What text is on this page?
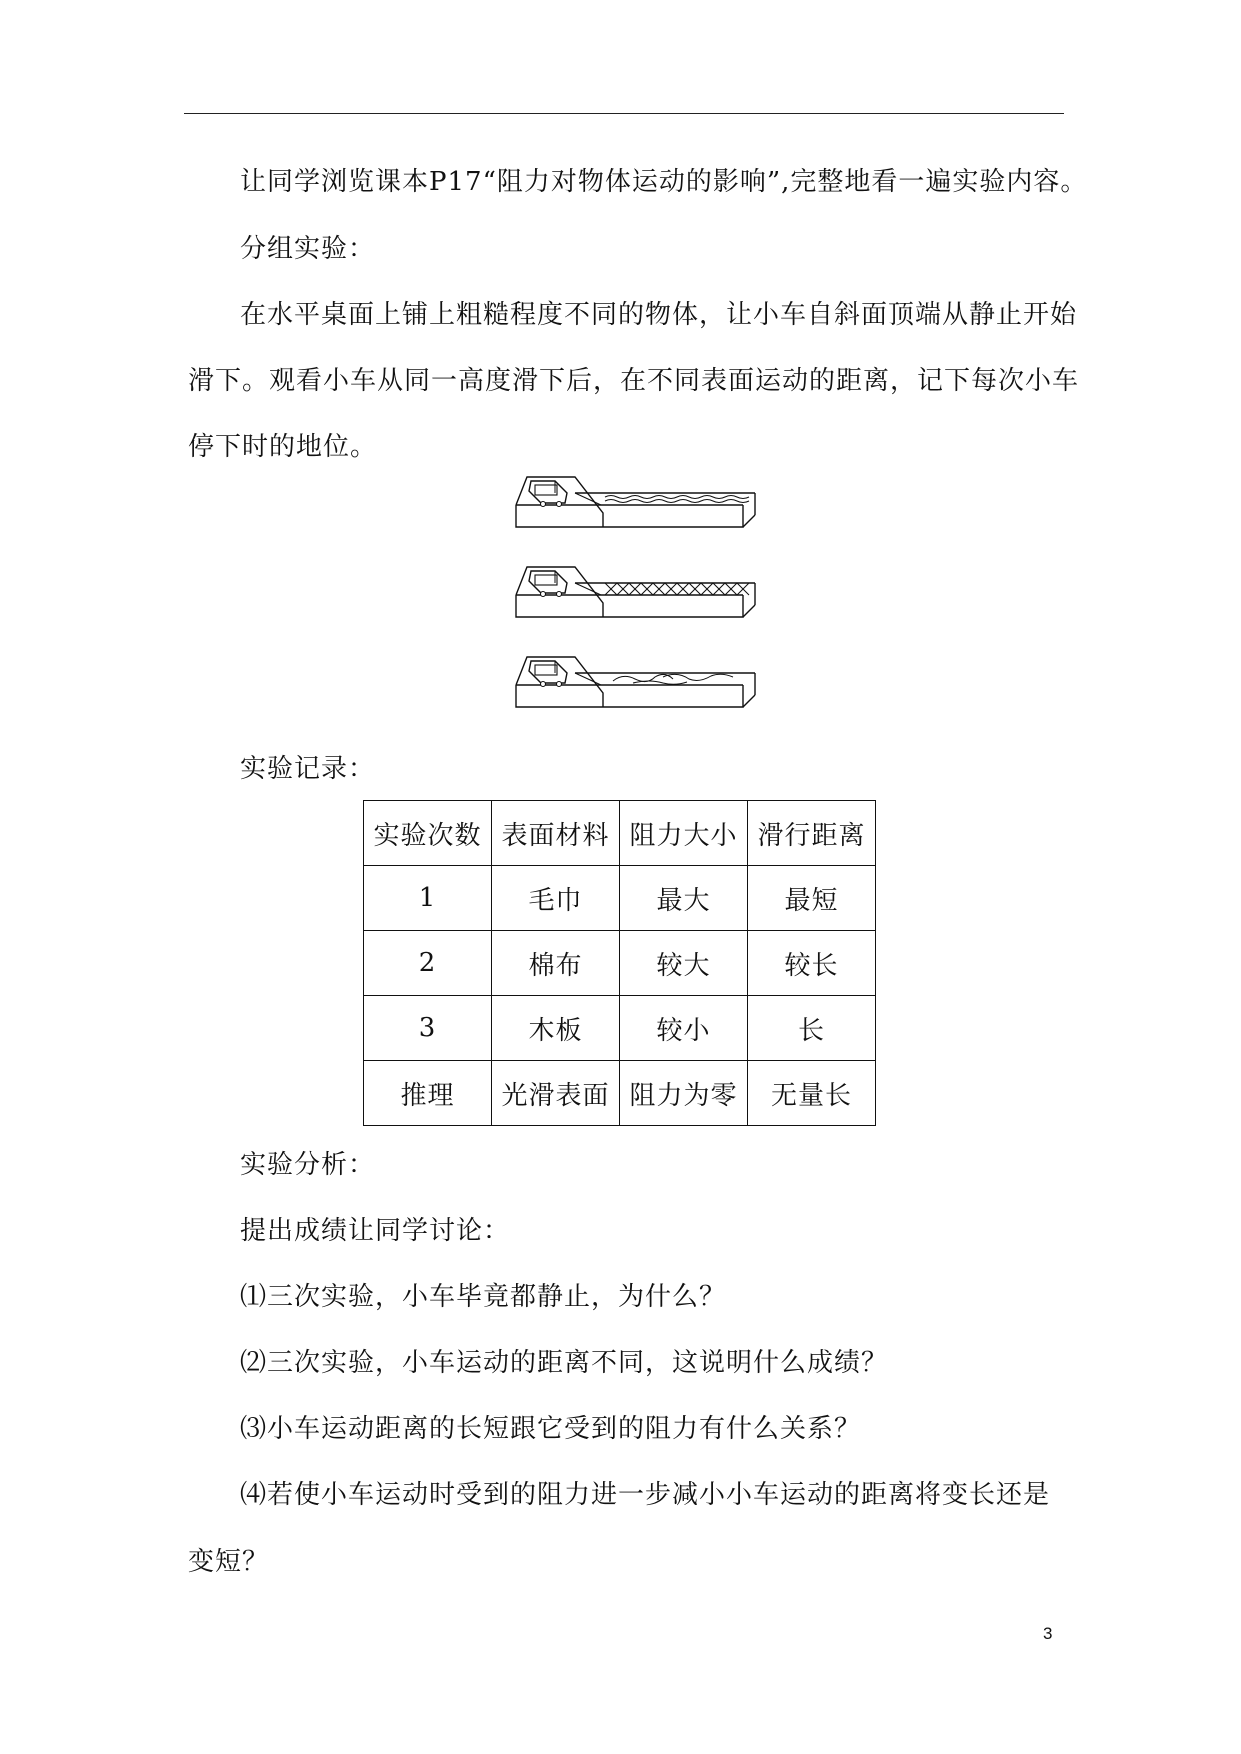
让同学浏览课本P17“阻力对物体运动的影响”,完整地看一遍实验内容。
分组实验：
在水平桌面上铺上粗糙程度不同的物体，让小车自斜面顶端从静止开始
滑下。观看小车从同一高度滑下后，在不同表面运动的距离，记下每次小车
停下时的地位。
实验记录：
实验次数	表面材料	阻力大小	滑行距离
1	毛巾	最大	最短
2	棉布	较大	较长
3	木板	较小	长
推理	光滑表面	阻力为零	无量长
实验分析：
提出成绩让同学讨论：
⑴三次实验，小车毕竟都静止，为什么？
⑵三次实验，小车运动的距离不同，这说明什么成绩？
⑶小车运动距离的长短跟它受到的阻力有什么关系？
⑷若使小车运动时受到的阻力进一步减小小车运动的距离将变长还是
变短？
3
